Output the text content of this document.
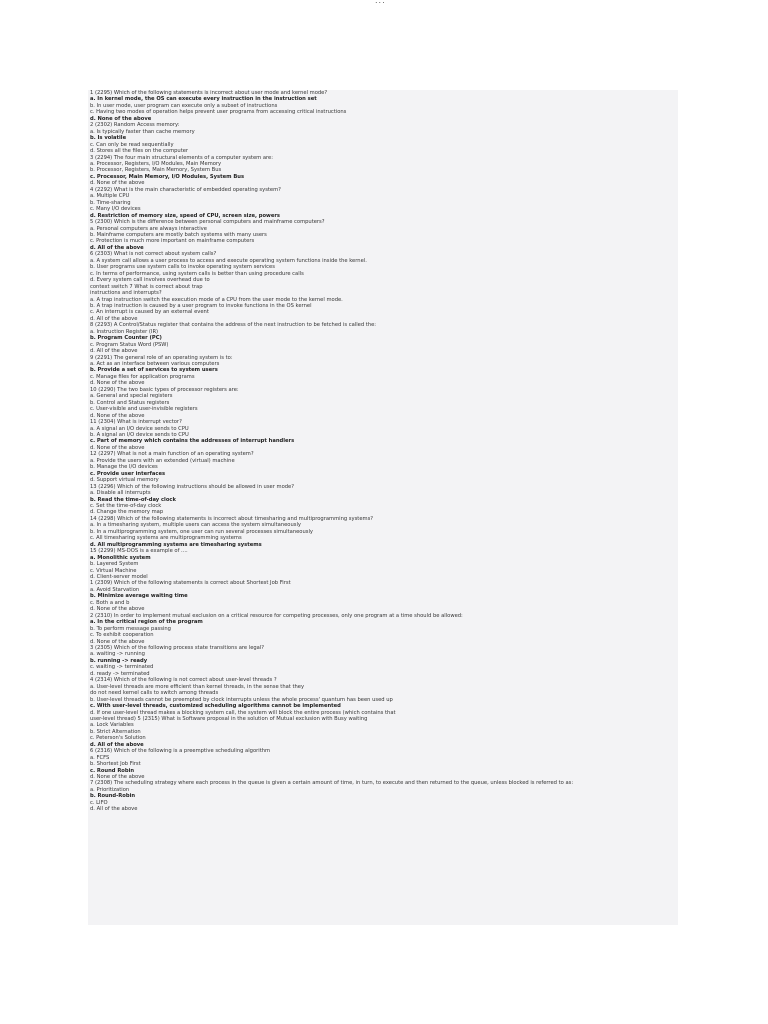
...
1 (2295) Which of the following statements is incorrect about user mode and kernel mode?
a. In kernel mode, the OS can execute every instruction in the instruction set
b. In user mode, user program can execute only a subset of instructions
c. Having two modes of operation helps prevent user programs from accessing critical instructions
d. None of the above
2 (2302) Random Access memory:
a. Is typically faster than cache memory
b. Is volatile
c. Can only be read sequentially
d. Stores all the files on the computer
3 (2294) The four main structural elements of a computer system are:
a. Processor, Registers, I/O Modules, Main Memory
b. Processor, Registers, Main Memory, System Bus
c. Processor, Main Memory, I/O Modules, System Bus
d. None of the above
4 (2292) What is the main characteristic of embedded operating system?
a. Multiple CPU
b. Time-sharing
c. Many I/O devices
d. Restriction of memory size, speed of CPU, screen size, powers
5 (2300) Which is the difference between personal computers and mainframe computers?
a. Personal computers are always interactive
b. Mainframe computers are mostly batch systems with many users
c. Protection is much more important on mainframe computers
d. All of the above
6 (2303) What is not correct about system calls?
a. A system call allows a user process to access and execute operating system functions inside the kernel.
b. User programs use system calls to invoke operating system services
c. In terms of performance, using system calls is better than using procedure calls
d. Every system call involves overhead due to
context switch 7 What is correct about trap
instructions and interrupts?
a. A trap instruction switch the execution mode of a CPU from the user mode to the kernel mode.
b. A trap instruction is caused by a user program to invoke functions in the OS kernel
c. An interrupt is caused by an external event
d. All of the above
8 (2293) A Control/Status register that contains the address of the next instruction to be fetched is called the:
a. Instruction Register (IR)
b. Program Counter (PC)
c. Program Status Word (PSW)
d. All of the above
9 (2291) The general role of an operating system is to:
a. Act as an interface between various computers
b. Provide a set of services to system users
c. Manage files for application programs
d. None of the above
10 (2290) The two basic types of processor registers are:
a. General and special registers
b. Control and Status registers
c. User-visible and user-invisible registers
d. None of the above
11 (2304) What is interrupt vector?
a. A signal an I/O device sends to CPU
b. A signal an I/O device sends to CPU
c. Part of memory which contains the addresses of interrupt handlers
d. None of the above
12 (2297) What is not a main function of an operating system?
a. Provide the users with an extended (virtual) machine
b. Manage the I/O devices
c. Provide user interfaces
d. Support virtual memory
13 (2296) Which of the following instructions should be allowed in user mode?
a. Disable all interrupts
b. Read the time-of-day clock
c. Set the time-of-day clock
d. Change the memory map
14 (2298) Which of the following statements is incorrect about timesharing and multiprogramming systems?
a. In a timesharing system, multiple users can access the system simultaneously
b. In a multiprogramming system, one user can run several processes simultaneously
c. All timesharing systems are multiprogramming systems
d. All multiprogramming systems are timesharing systems
15 (2299) MS-DOS is a example of ....
a. Monolithic system
b. Layered System
c. Virtual Machine
d. Client-server model
1 (2309) Which of the following statements is correct about Shortest Job First
a. Avoid Starvation
b. Minimize average waiting time
c. Both a and b
d. None of the above
2 (2310) In order to implement mutual exclusion on a critical resource for competing processes, only one program at a time should be allowed:
a. In the critical region of the program
b. To perform message passing
c. To exhibit cooperation
d. None of the above
3 (2305) Which of the following process state transitions are legal?
a. waiting -> running
b. running -> ready
c. waiting -> terminated
d. ready -> terminated
4 (2314) Which of the following is not correct about user-level threads ?
a. User-level threads are more efficient than kernel threads, in the sense that they
do not need kernel calls to switch among threads
b. User-level threads cannot be preempted by clock interrupts unless the whole process' quantum has been used up
c. With user-level threads, customized scheduling algorithms cannot be implemented
d. If one user-level thread makes a blocking system call, the system will block the entire process (which contains that
user-level thread) 5 (2315) What is Software proposal in the solution of Mutual exclusion with Busy waiting
a. Lock Variables
b. Strict Alternation
c. Peterson's Solution
d. All of the above
6 (2316) Which of the following is a preemptive scheduling algorithm
a. FCFS
b. Shortest Job First
c. Round Robin
d. None of the above
7 (2308) The scheduling strategy where each process in the queue is given a certain amount of time, in turn, to execute and then returned to the queue, unless blocked is referred to as:
a. Prioritization
b. Round-Robin
c. LIFO
d. All of the above
